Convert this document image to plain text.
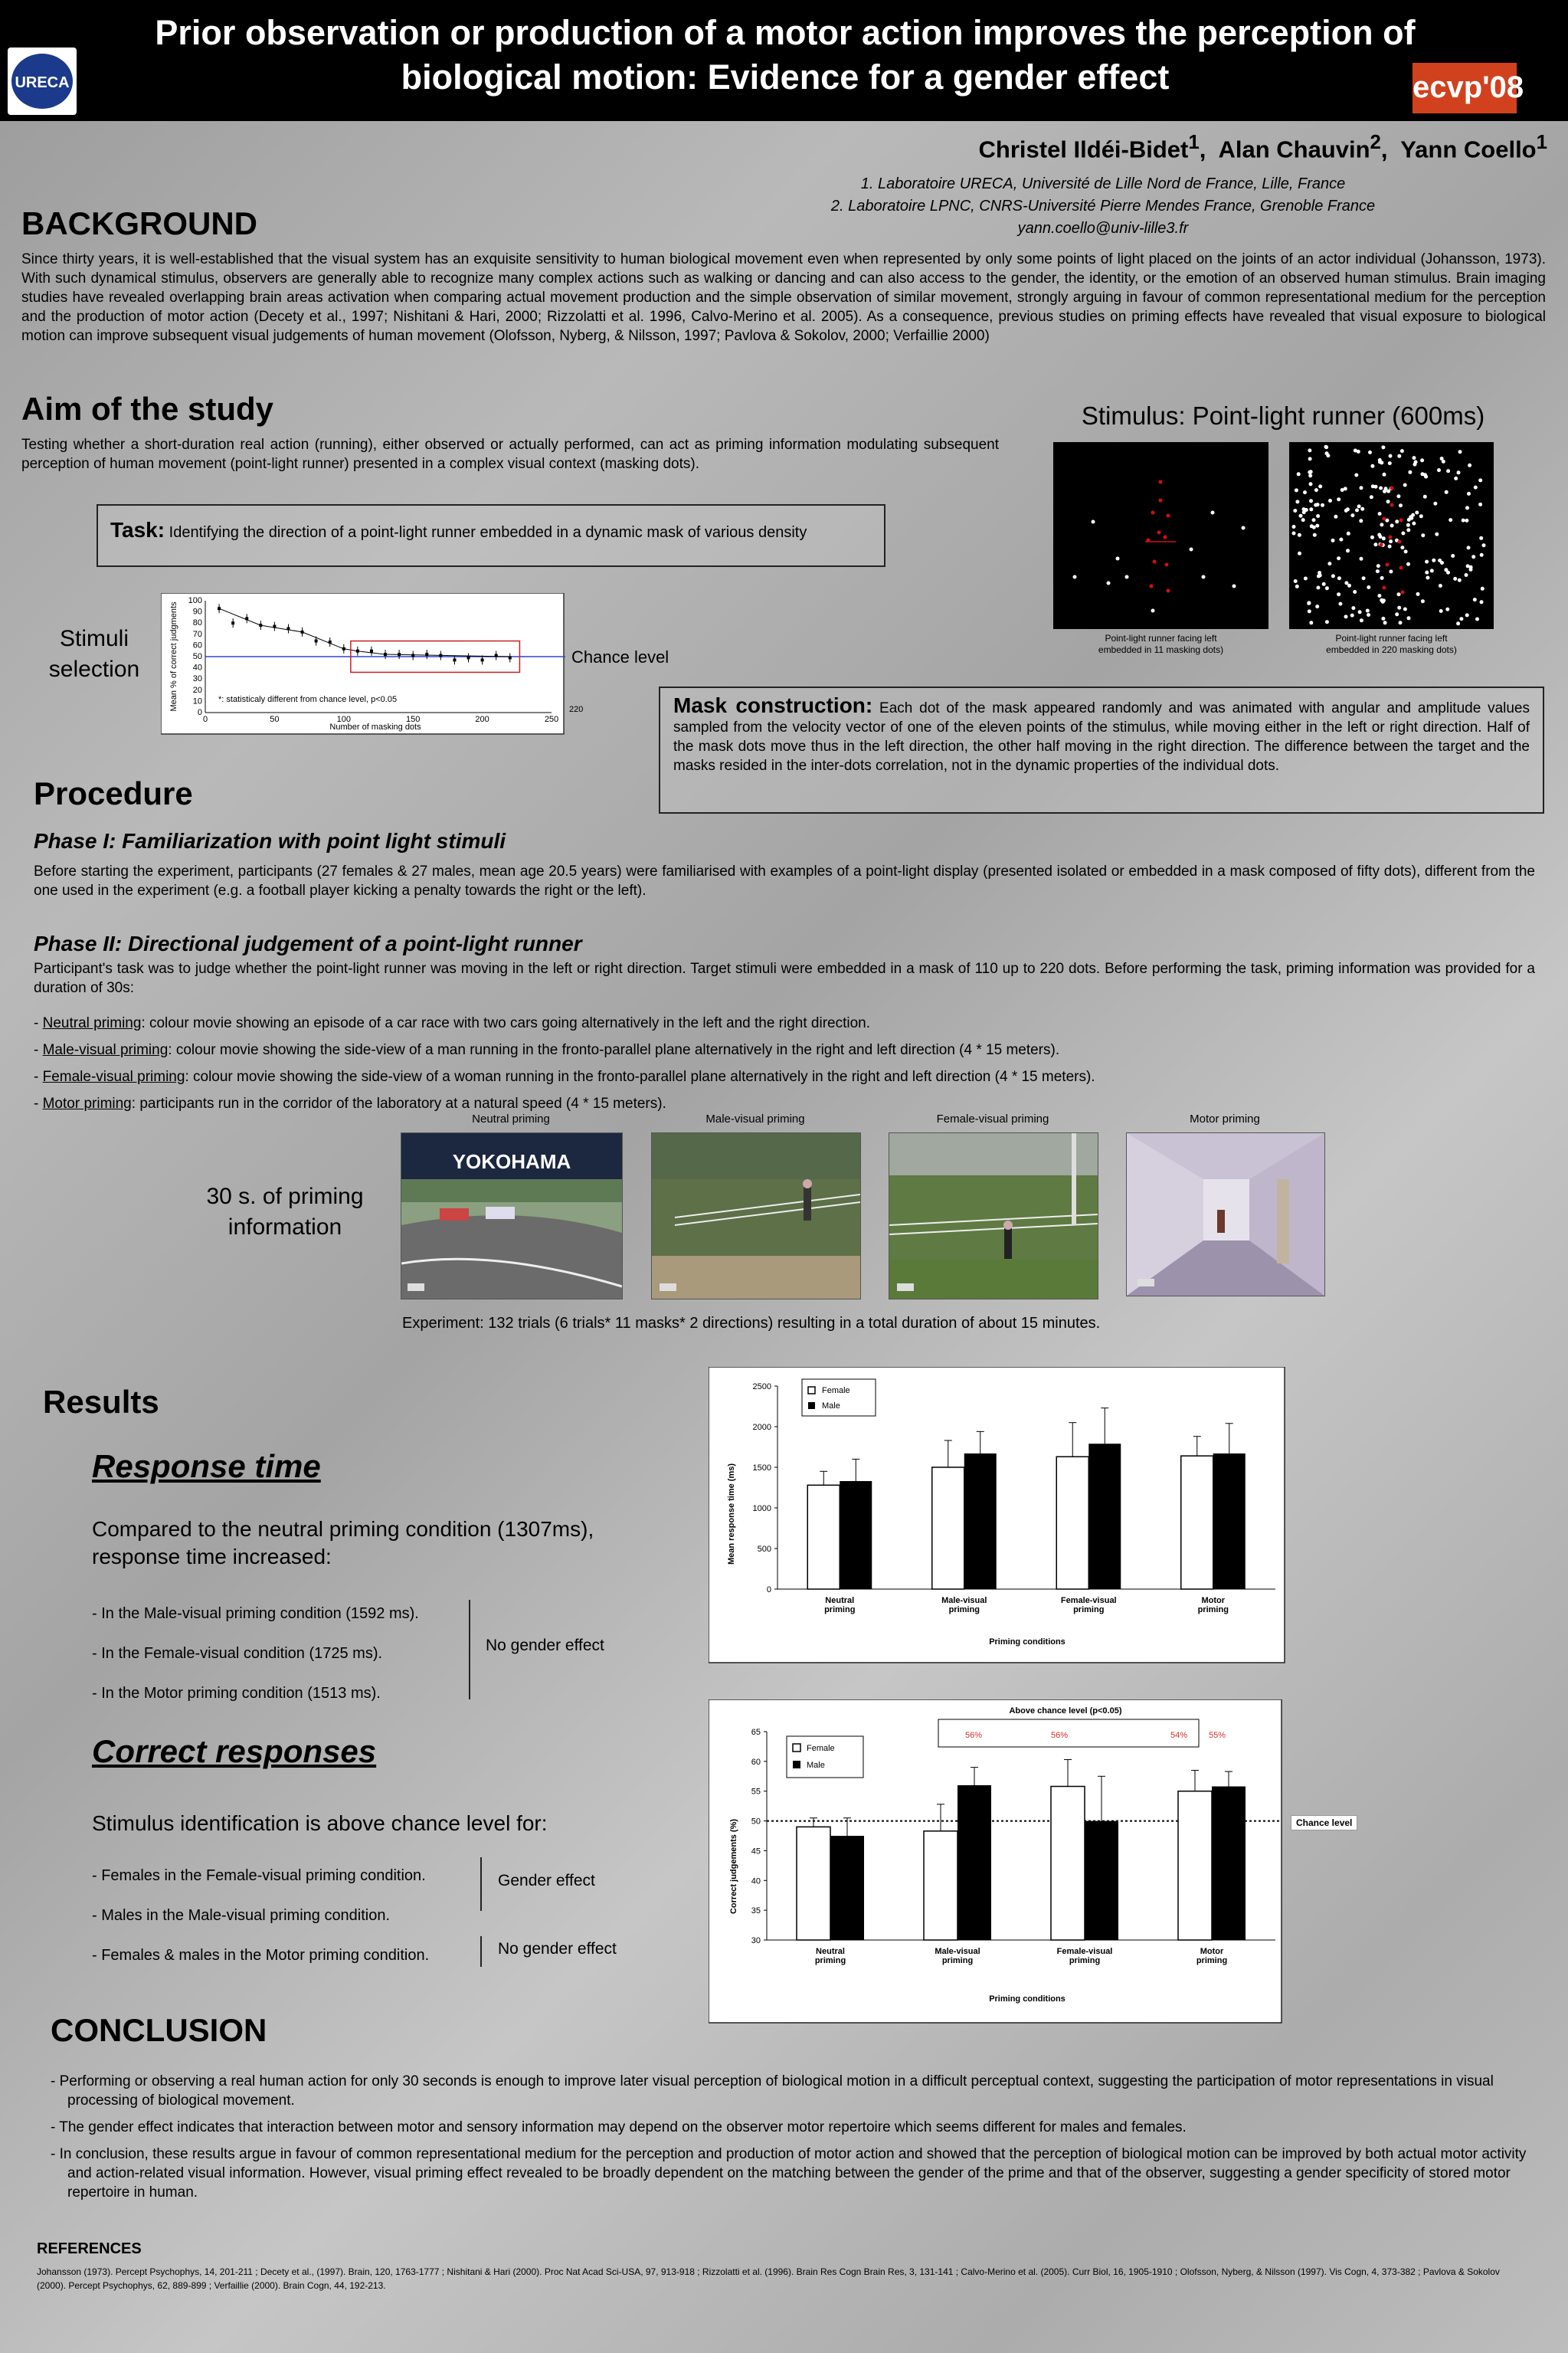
URECA
Prior observation or production of a motor action improves the perception of biological motion: Evidence for a gender effect	ecvp'08
Christel Ildéi-Bidet$^1$,  Alan Chauvin$^2$,  Yann Coello$^1$
1. Laboratoire URECA, Université de Lille Nord de France, Lille, France
2. Laboratoire LPNC, CNRS-Université Pierre Mendes France, Grenoble France
yann.coello@univ-lille3.fr
BACKGROUND
Since thirty years, it is well-established that the visual system has an exquisite sensitivity to human biological movement even when represented by only some points of light placed on the joints of an actor individual (Johansson, 1973). With such dynamical stimulus, observers are generally able to recognize many complex actions such as walking or dancing and can also access to the gender, the identity, or the emotion of an observed human stimulus. Brain imaging studies have revealed overlapping brain areas activation when comparing actual movement production and the simple observation of similar movement, strongly arguing in favour of common representational medium for the perception and the production of motor action (Decety et al., 1997; Nishitani & Hari, 2000; Rizzolatti et al. 1996, Calvo-Merino et al. 2005). As a consequence, previous studies on priming effects have revealed that visual exposure to biological motion can improve subsequent visual judgements of human movement (Olofsson, Nyberg, & Nilsson, 1997; Pavlova & Sokolov, 2000; Verfaillie 2000)
Aim of the study
Testing whether a short-duration real action (running), either observed or actually performed, can act as priming information modulating subsequent perception of human movement (point-light runner) presented in a complex visual context (masking dots).
Task: Identifying the direction of a point-light runner embedded in a dynamic mask of various density
Stimulus: Point-light runner (600ms)
Point-light runner facing left
embedded in 11 masking dots)
Point-light runner facing left
embedded in 220 masking dots)
Stimuli
selection
0
10
20
30
40
50
60
70
80
90
100
0	50	100	150	200	250
*: statisticaly different from chance level, p<0.05
Number of masking dots
Mean % of correct judgments	Chance level
220	Mask construction: Each dot of the mask appeared randomly and was animated with angular and amplitude values sampled from the velocity vector of one of the eleven points of the stimulus, while moving either in the left or right direction. Half of the mask dots move thus in the left direction, the other half moving in the right direction. The difference between the target and the masks resided in the inter-dots correlation, not in the dynamic properties of the individual dots.
Procedure
Phase I: Familiarization with point light stimuli
Before starting the experiment, participants (27 females & 27 males, mean age 20.5 years) were familiarised with examples of a point-light display (presented isolated or embedded in a mask composed of fifty dots), different from the one used in the experiment (e.g. a football player kicking a penalty towards the right or the left).
Phase II: Directional judgement of a point-light runner
Participant's task was to judge whether the point-light runner was moving in the left or right direction. Target stimuli were embedded in a mask of 110 up to 220 dots. Before performing the task, priming information was provided for a duration of 30s:
- Neutral priming: colour movie showing an episode of a car race with two cars going alternatively in the left and the right direction.
- Male-visual priming: colour movie showing the side-view of a man running in the fronto-parallel plane alternatively in the right and left direction (4 * 15 meters).
- Female-visual priming: colour movie showing the side-view of a woman running in the fronto-parallel plane alternatively in the right and left direction (4 * 15 meters).
- Motor priming: participants run in the corridor of the laboratory at a natural speed (4 * 15 meters).
30 s. of priming
information
Neutral priming	Male-visual priming	Female-visual priming	Motor priming
YOKOHAMA
Experiment: 132 trials (6 trials* 11 masks* 2 directions) resulting in a total duration of about 15 minutes.
Results
Response time
Compared to the neutral priming condition (1307ms),
response time increased:
- In the Male-visual priming condition (1592 ms).
- In the Female-visual condition (1725 ms).
- In the Motor priming condition (1513 ms).
No gender effect
Correct responses
Stimulus identification is above chance level for:
- Females in the Female-visual priming condition.
- Males in the Male-visual priming condition.
- Females & males in the Motor priming condition.
Gender effect
No gender effect
0
500
1000
1500
2000
2500
Neutral
priming
Male-visual
priming
Female-visual
priming
Motor
priming
Female
Male
Priming conditions
Mean response time (ms)
Above chance level (p<0.05)
56%	56%	54%	55%
30
35
40
45
50
55
60
65
Neutral
priming
Male-visual
priming
Female-visual
priming
Motor
priming
Female
Male
Priming conditions
Correct judgements (%)	Chance level
CONCLUSION
- Performing or observing a real human action for only 30 seconds is enough to improve later visual perception of biological motion in a difficult perceptual context, suggesting the participation of motor representations in visual processing of biological movement.
- The gender effect indicates that interaction between motor and sensory information may depend on the observer motor repertoire which seems different for males and females.
- In conclusion, these results argue in favour of common representational medium for the perception and production of motor action and showed that the perception of biological motion can be improved by both actual motor activity and action-related visual information. However, visual priming effect revealed to be broadly dependent on the matching between the gender of the prime and that of the observer, suggesting a gender specificity of stored motor repertoire in human.
REFERENCES
Johansson (1973). Percept Psychophys, 14, 201-211 ; Decety et al., (1997). Brain, 120, 1763-1777 ; Nishitani & Hari (2000). Proc Nat Acad Sci-USA, 97, 913-918 ; Rizzolatti et al. (1996). Brain Res Cogn Brain Res, 3, 131-141 ; Calvo-Merino et al. (2005). Curr Biol, 16, 1905-1910 ; Olofsson, Nyberg, & Nilsson (1997). Vis Cogn, 4, 373-382 ; Pavlova & Sokolov (2000). Percept Psychophys, 62, 889-899 ; Verfaillie (2000). Brain Cogn, 44, 192-213.
